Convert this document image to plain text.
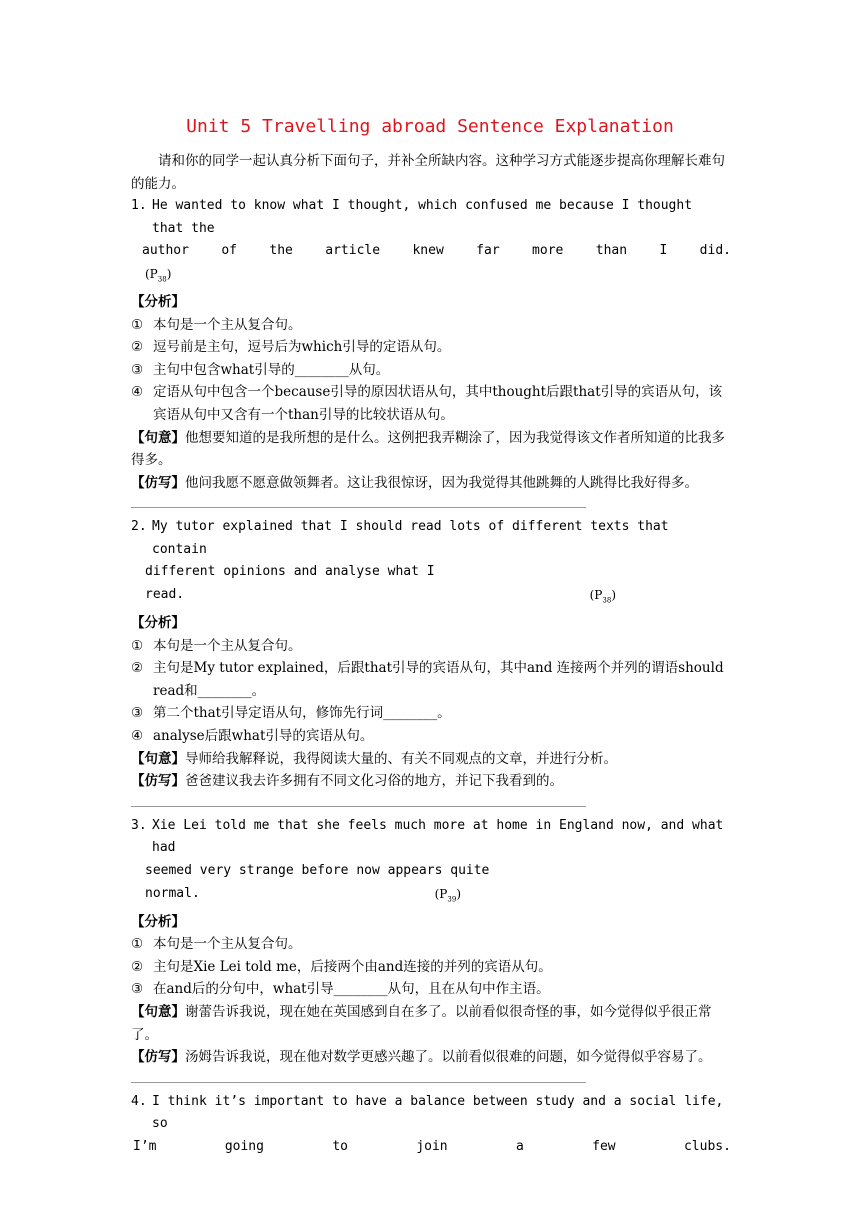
Unit 5 Travelling abroad Sentence Explanation

请和你的同学一起认真分析下面句子，并补全所缺内容。这种学习方式能逐步提高你理解长难句的能力。

1. He wanted to know what I thought, which confused me because I thought that the
author of the article knew far more than I did.
$(P_{38})$

【分析】

① 本句是一个主从复合句。
② 逗号前是主句，逗号后为which引导的定语从句。
③ 主句中包含what引导的________从句。
④ 定语从句中包含一个because引导的原因状语从句，其中thought后跟that引导的宾语从句，该宾语从句中又含有一个than引导的比较状语从句。

【句意】他想要知道的是我所想的是什么。这例把我弄糊涂了，因为我觉得该文作者所知道的比我多得多。

【仿写】他问我愿不愿意做领舞者。这让我很惊讶，因为我觉得其他跳舞的人跳得比我好得多。

2. My tutor explained that I should read lots of different texts that contain
different opinions and analyse what I
read.	$(P_{38})$

【分析】

① 本句是一个主从复合句。
② 主句是My tutor explained，后跟that引导的宾语从句，其中and 连接两个并列的谓语should read和________。
③ 第二个that引导定语从句，修饰先行词________。
④ analyse后跟what引导的宾语从句。

【句意】导师给我解释说，我得阅读大量的、有关不同观点的文章，并进行分析。

【仿写】爸爸建议我去许多拥有不同文化习俗的地方，并记下我看到的。

3. Xie Lei told me that she feels much more at home in England now, and what had
seemed very strange before now appears quite
normal.	$(P_{39})$

【分析】

① 本句是一个主从复合句。
② 主句是Xie Lei told me，后接两个由and连接的并列的宾语从句。
③ 在and后的分句中，what引导________从句，且在从句中作主语。

【句意】谢蕾告诉我说，现在她在英国感到自在多了。以前看似很奇怪的事，如今觉得似乎很正常了。

【仿写】汤姆告诉我说，现在他对数学更感兴趣了。以前看似很难的问题，如今觉得似乎容易了。

4. I think it’s important to have a balance between study and a social life, so
I’m	going	to	join	a	few	clubs.
